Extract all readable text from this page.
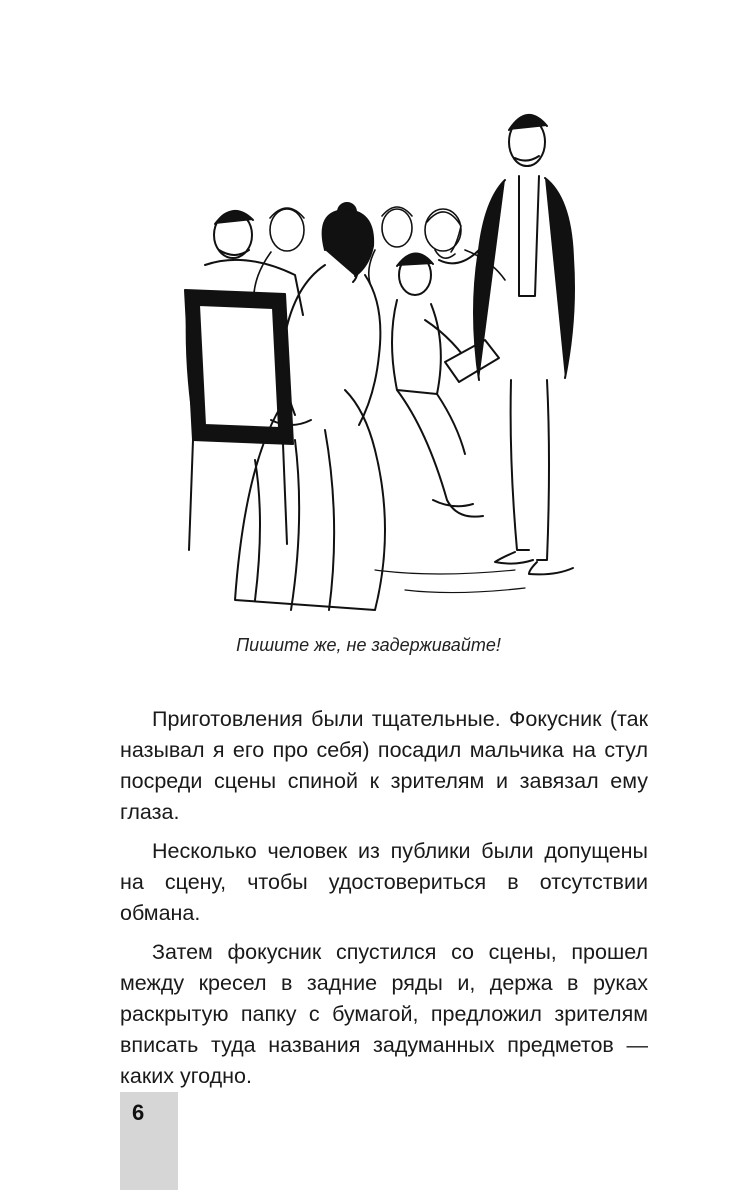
Пишите же, не задерживайте!

Приготовления были тщательные. Фокусник (так называл я его про себя) посадил мальчика на стул посреди сцены спиной к зрителям и завязал ему глаза.

Несколько человек из публики были допущены на сцену, чтобы удостовериться в отсутствии обмана.

Затем фокусник спустился со сцены, прошел между кресел в задние ряды и, держа в руках раскрытую папку с бумагой, предложил зрителям вписать туда названия задуманных предметов — каких угодно.

6
